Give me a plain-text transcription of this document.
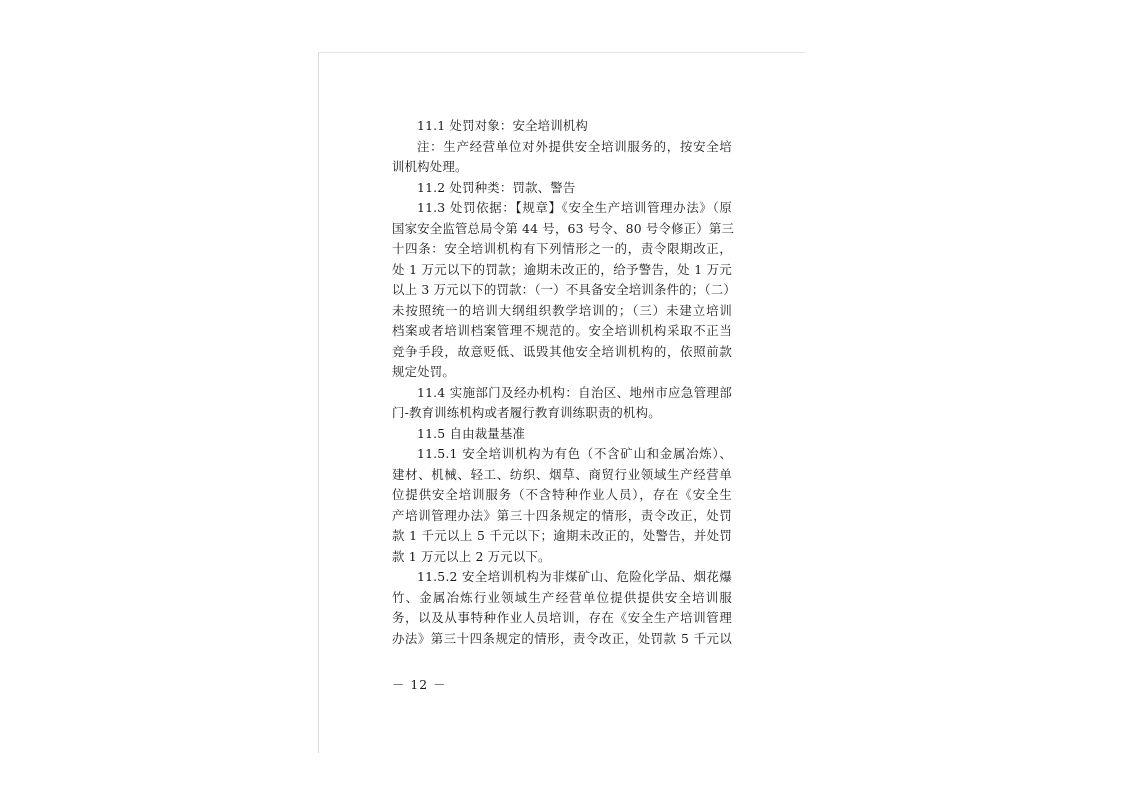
11.1 处罚对象：安全培训机构
注：生产经营单位对外提供安全培训服务的，按安全培
训机构处理。
11.2 处罚种类：罚款、警告
11.3 处罚依据：【规章】《安全生产培训管理办法》（原
国家安全监管总局令第 44 号，63 号令、80 号令修正）第三
十四条：安全培训机构有下列情形之一的，责令限期改正，
处 1 万元以下的罚款；逾期未改正的，给予警告，处 1 万元
以上 3 万元以下的罚款：（一）不具备安全培训条件的；（二）
未按照统一的培训大纲组织教学培训的；（三）未建立培训
档案或者培训档案管理不规范的。安全培训机构采取不正当
竞争手段，故意贬低、诋毁其他安全培训机构的，依照前款
规定处罚。
11.4 实施部门及经办机构：自治区、地州市应急管理部
门-教育训练机构或者履行教育训练职责的机构。
11.5 自由裁量基准
11.5.1 安全培训机构为有色（不含矿山和金属冶炼）、
建材、机械、轻工、纺织、烟草、商贸行业领域生产经营单
位提供安全培训服务（不含特种作业人员），存在《安全生
产培训管理办法》第三十四条规定的情形，责令改正，处罚
款 1 千元以上 5 千元以下；逾期未改正的，处警告，并处罚
款 1 万元以上 2 万元以下。
11.5.2 安全培训机构为非煤矿山、危险化学品、烟花爆
竹、金属冶炼行业领域生产经营单位提供提供安全培训服
务，以及从事特种作业人员培训，存在《安全生产培训管理
办法》第三十四条规定的情形，责令改正，处罚款 5 千元以
－ 12 －
